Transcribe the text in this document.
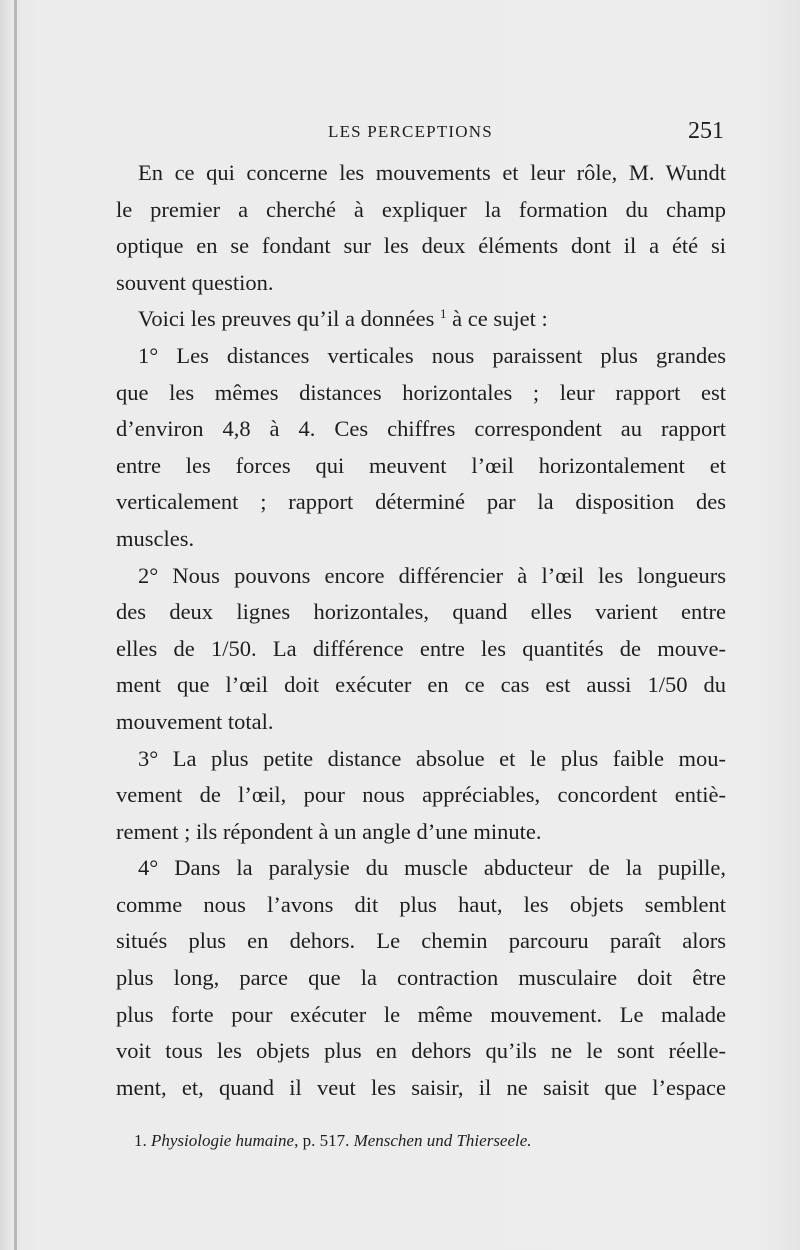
LES PERCEPTIONS	251
En ce qui concerne les mouvements et leur rôle, M. Wundt
le premier a cherché à expliquer la formation du champ
optique en se fondant sur les deux éléments dont il a été si
souvent question.
Voici les preuves qu’il a données $^1$ à ce sujet :
1° Les distances verticales nous paraissent plus grandes
que les mêmes distances horizontales ; leur rapport est
d’environ 4,8 à 4. Ces chiffres correspondent au rapport
entre les forces qui meuvent l’œil horizontalement et
verticalement ; rapport déterminé par la disposition des
muscles.
2° Nous pouvons encore différencier à l’œil les longueurs
des deux lignes horizontales, quand elles varient entre
elles de 1/50. La différence entre les quantités de mouve-
ment que l’œil doit exécuter en ce cas est aussi 1/50 du
mouvement total.
3° La plus petite distance absolue et le plus faible mou-
vement de l’œil, pour nous appréciables, concordent entiè-
rement ; ils répondent à un angle d’une minute.
4° Dans la paralysie du muscle abducteur de la pupille,
comme nous l’avons dit plus haut, les objets semblent
situés plus en dehors. Le chemin parcouru paraît alors
plus long, parce que la contraction musculaire doit être
plus forte pour exécuter le même mouvement. Le malade
voit tous les objets plus en dehors qu’ils ne le sont réelle-
ment, et, quand il veut les saisir, il ne saisit que l’espace
1. Physiologie humaine, p. 517. Menschen und Thierseele.
